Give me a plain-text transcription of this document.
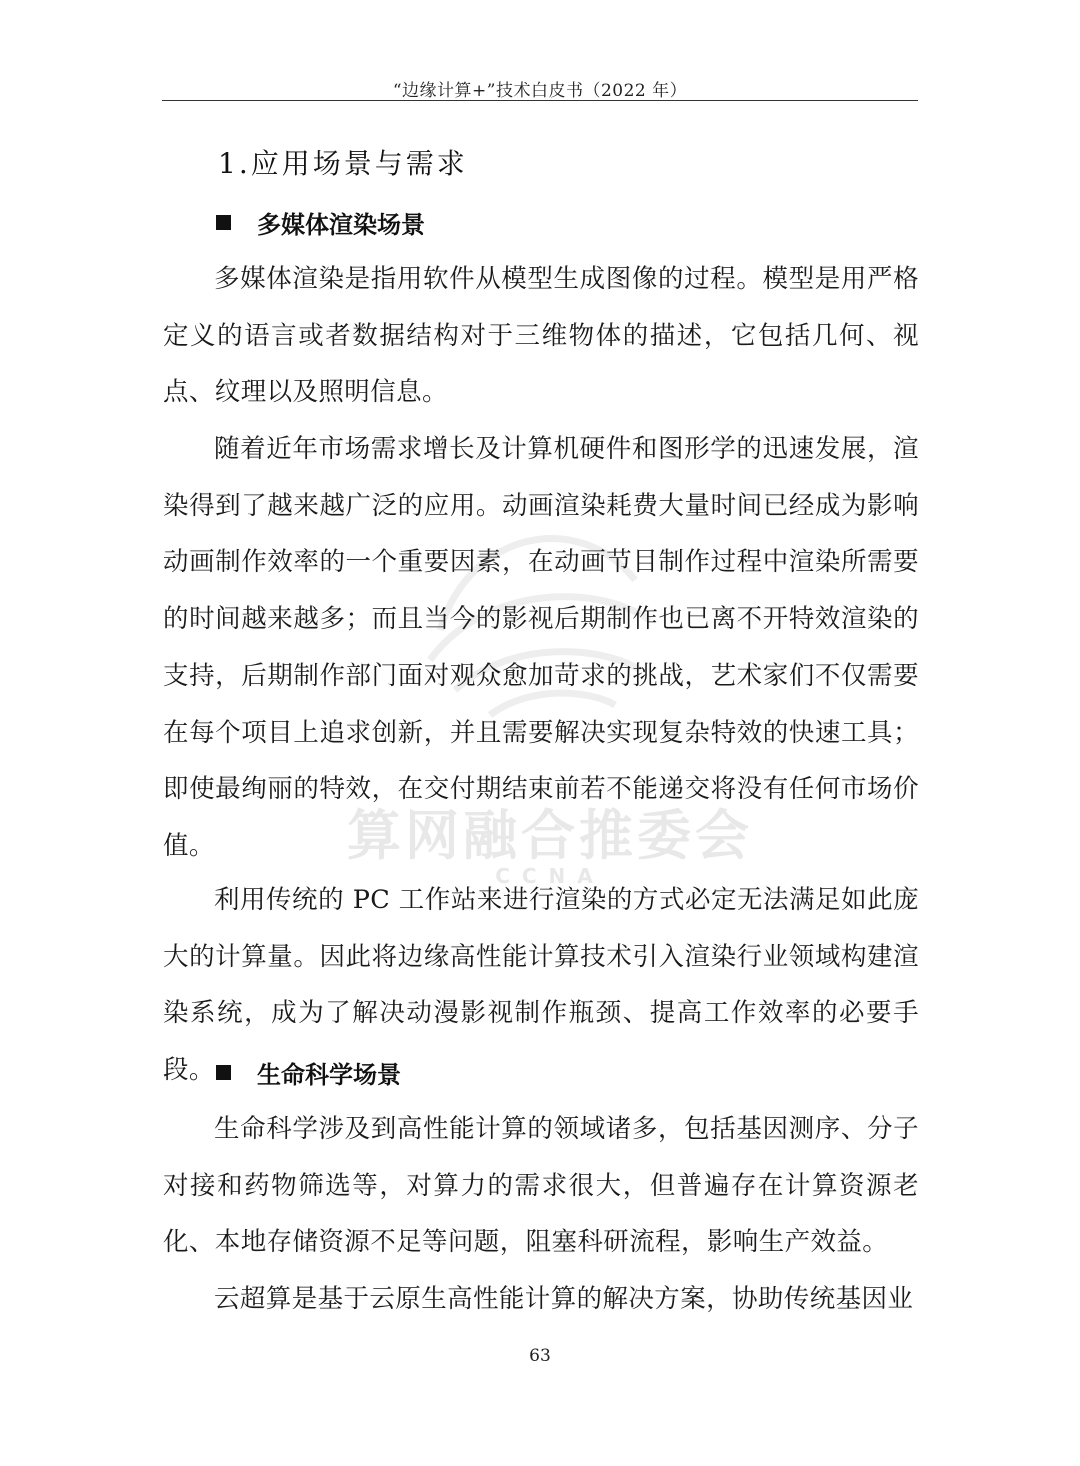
“边缘计算+”技术白皮书（2022 年）
1.应用场景与需求
多媒体渲染场景

多媒体渲染是指用软件从模型生成图像的过程。模型是用严格定义的语言或者数据结构对于三维物体的描述，它包括几何、视点、纹理以及照明信息。

随着近年市场需求增长及计算机硬件和图形学的迅速发展，渲染得到了越来越广泛的应用。动画渲染耗费大量时间已经成为影响动画制作效率的一个重要因素，在动画节目制作过程中渲染所需要的时间越来越多；而且当今的影视后期制作也已离不开特效渲染的支持，后期制作部门面对观众愈加苛求的挑战，艺术家们不仅需要在每个项目上追求创新，并且需要解决实现复杂特效的快速工具；即使最绚丽的特效，在交付期结束前若不能递交将没有任何市场价值。

利用传统的 PC 工作站来进行渲染的方式必定无法满足如此庞大的计算量。因此将边缘高性能计算技术引入渲染行业领域构建渲染系统，成为了解决动漫影视制作瓶颈、提高工作效率的必要手段。	生命科学场景

生命科学涉及到高性能计算的领域诸多，包括基因测序、分子对接和药物筛选等，对算力的需求很大，但普遍存在计算资源老化、本地存储资源不足等问题，阻塞科研流程，影响生产效益。

云超算是基于云原生高性能计算的解决方案，协助传统基因业

算网融合推委会
CCNA
63
